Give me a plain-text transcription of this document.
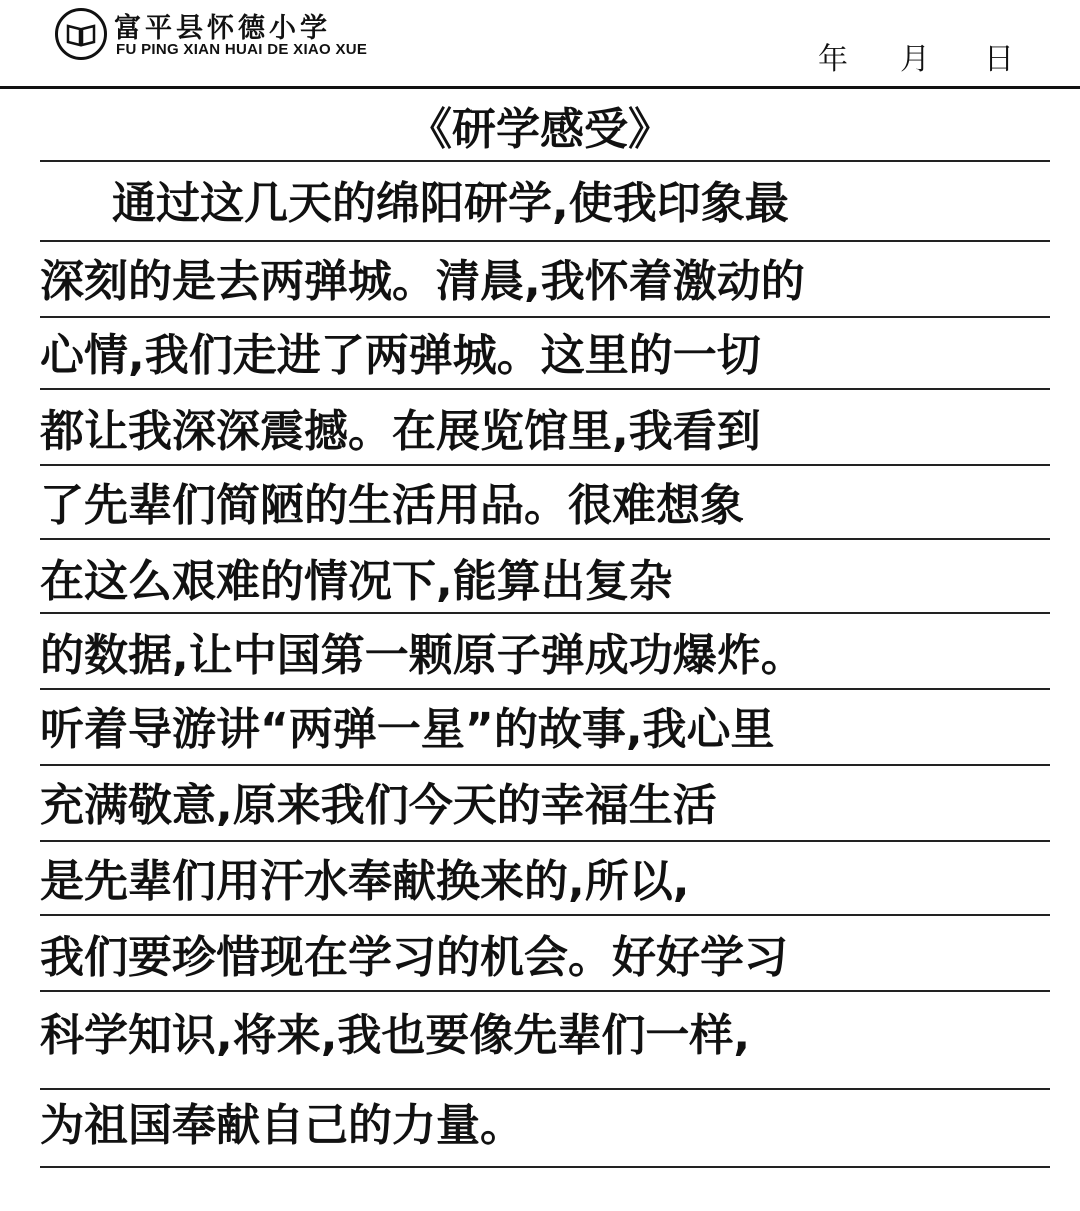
富平县怀德小学
FU PING XIAN HUAI DE XIAO XUE	年 月 日
《研学感受》
通过这几天的绵阳研学,使我印象最
深刻的是去两弹城。清晨,我怀着激动的
心情,我们走进了两弹城。这里的一切
都让我深深震撼。在展览馆里,我看到
了先辈们简陋的生活用品。很难想象
在这么艰难的情况下,能算出复杂
的数据,让中国第一颗原子弹成功爆炸。
听着导游讲“两弹一星”的故事,我心里
充满敬意,原来我们今天的幸福生活
是先辈们用汗水奉献换来的,所以,
我们要珍惜现在学习的机会。好好学习
科学知识,将来,我也要像先辈们一样,
为祖国奉献自己的力量。
